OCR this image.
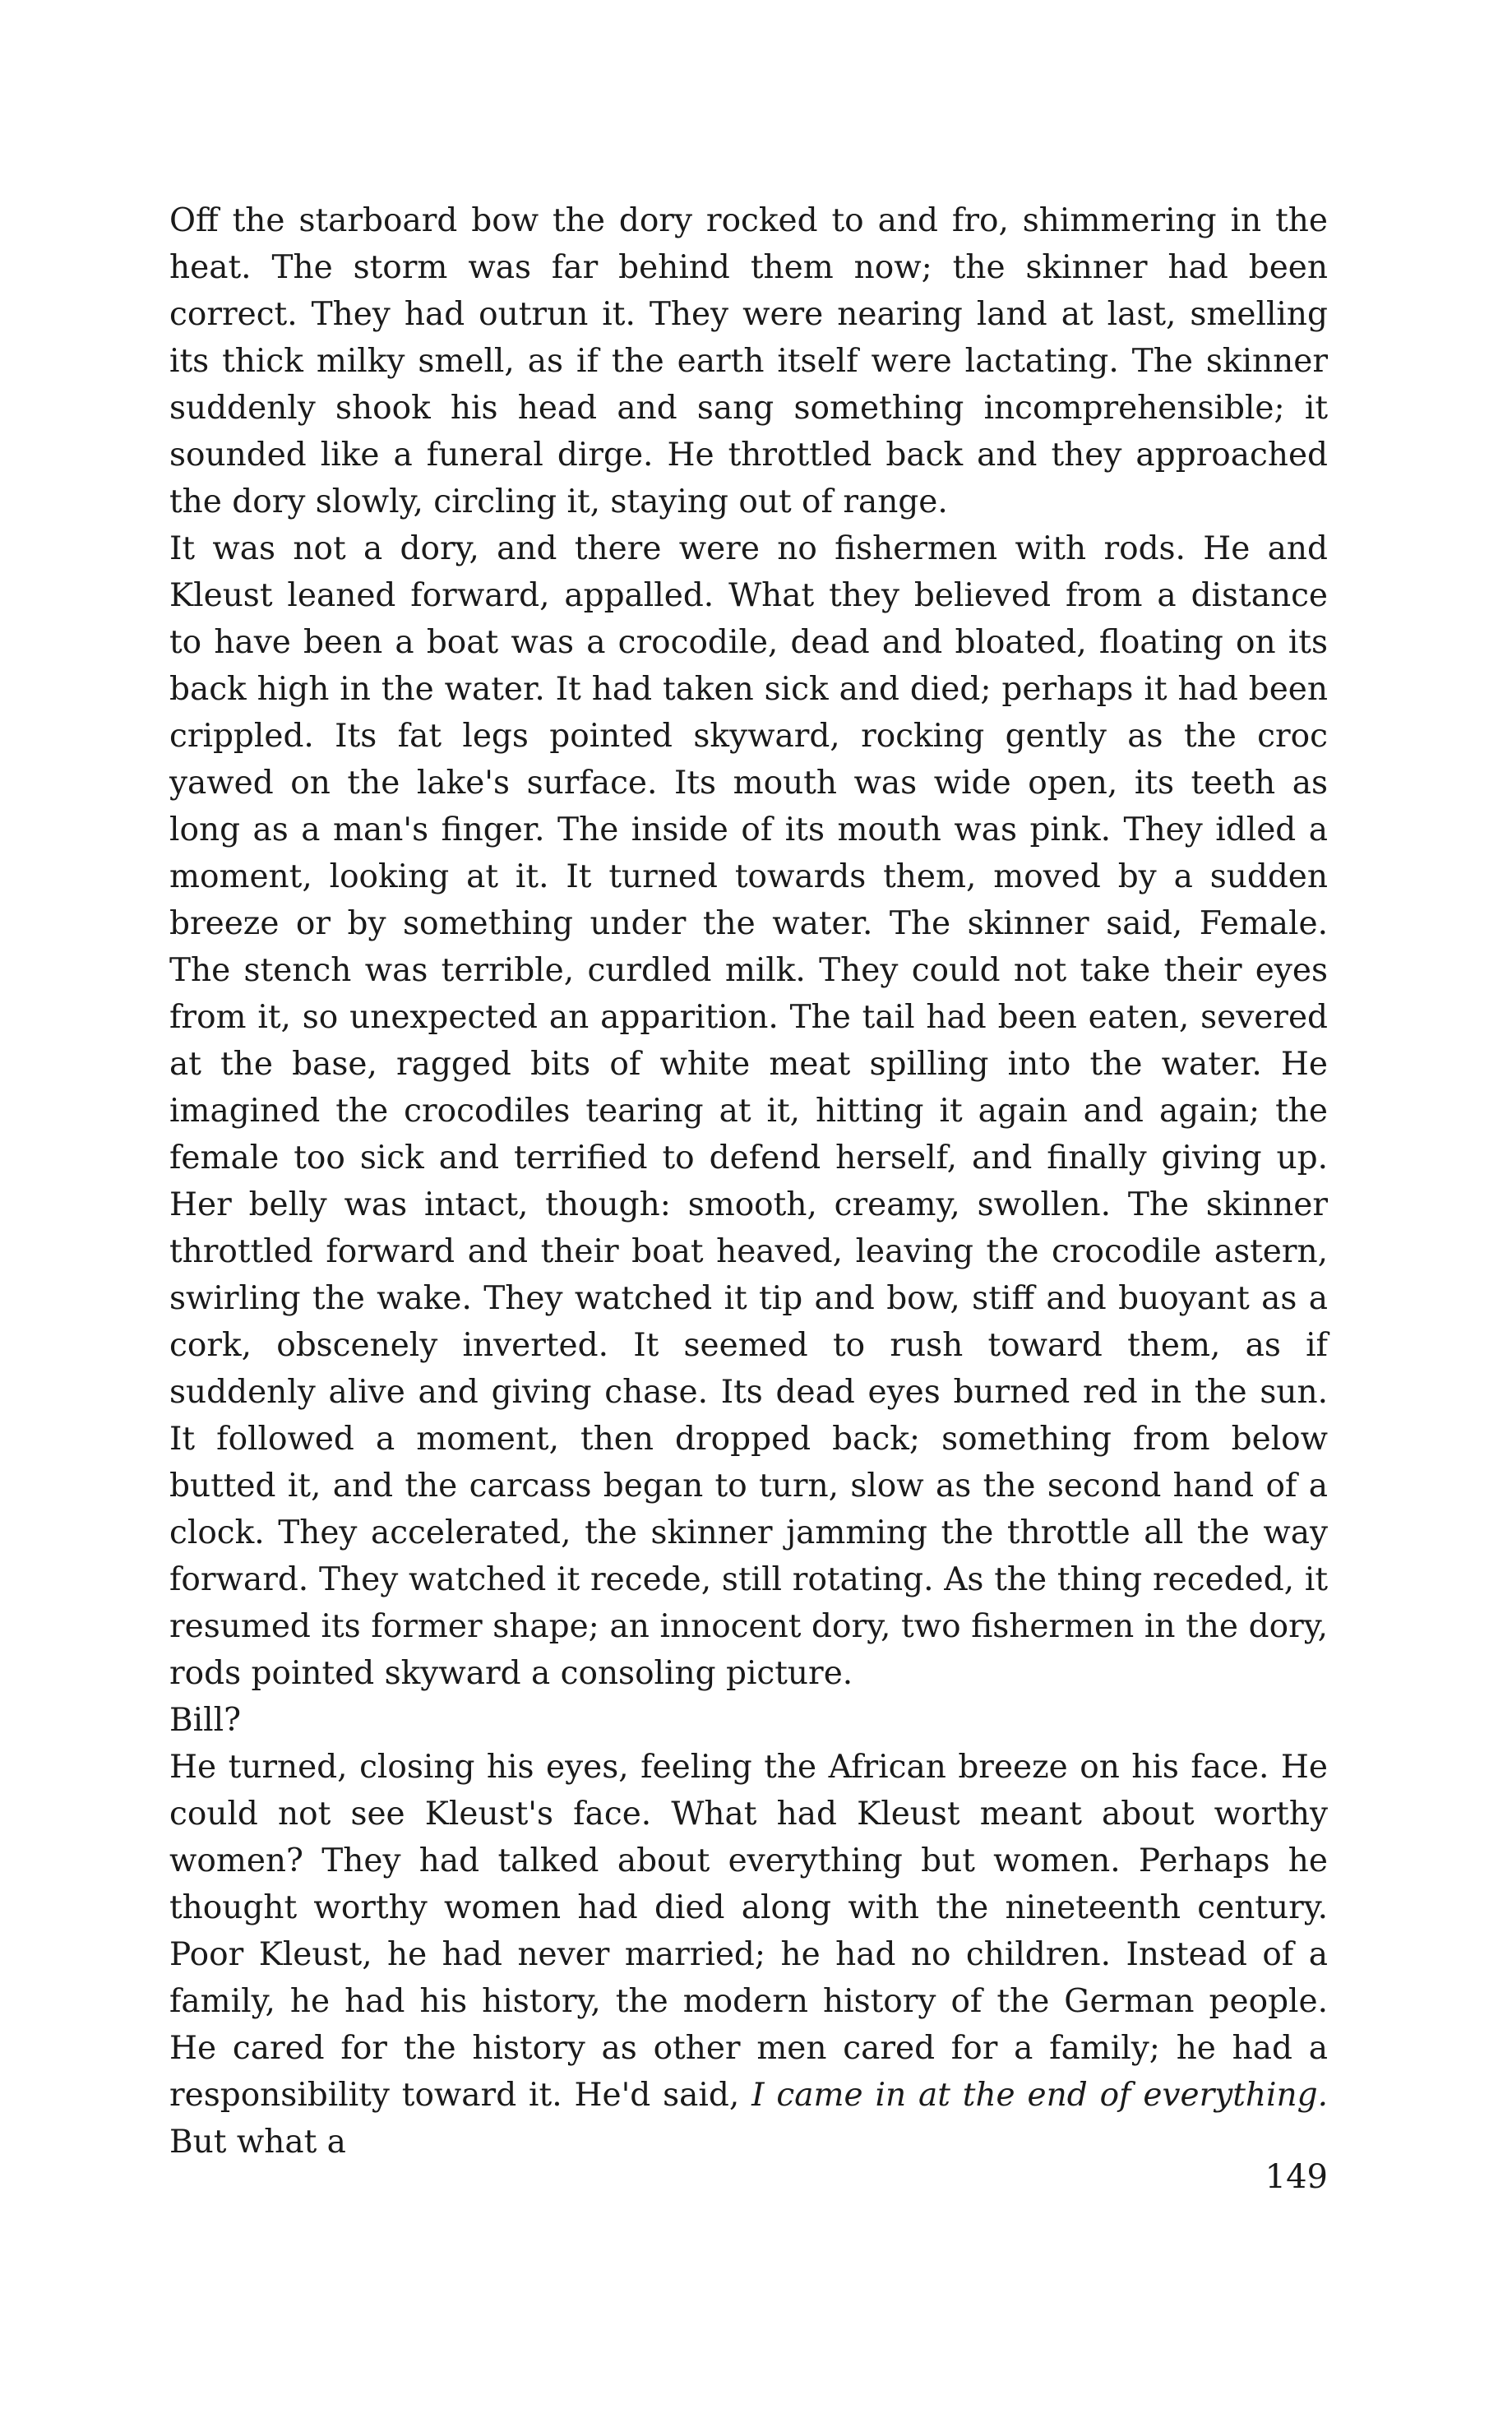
Off the starboard bow the dory rocked to and fro, shimmering in the heat. The storm was far behind them now; the skinner had been correct. They had outrun it. They were nearing land at last, smelling its thick milky smell, as if the earth itself were lactating. The skinner suddenly shook his head and sang something incomprehensible; it sounded like a funeral dirge. He throttled back and they approached the dory slowly, circling it, staying out of range.

It was not a dory, and there were no fishermen with rods. He and Kleust leaned forward, appalled. What they believed from a distance to have been a boat was a crocodile, dead and bloated, floating on its back high in the water. It had taken sick and died; perhaps it had been crippled. Its fat legs pointed skyward, rocking gently as the croc yawed on the lake's surface. Its mouth was wide open, its teeth as long as a man's finger. The inside of its mouth was pink. They idled a moment, looking at it. It turned towards them, moved by a sudden breeze or by something under the water. The skinner said, Female. The stench was terrible, curdled milk. They could not take their eyes from it, so unexpected an apparition. The tail had been eaten, severed at the base, ragged bits of white meat spilling into the water. He imagined the crocodiles tearing at it, hitting it again and again; the female too sick and terrified to defend herself, and finally giving up. Her belly was intact, though: smooth, creamy, swollen. The skinner throttled forward and their boat heaved, leaving the crocodile astern, swirling the wake. They watched it tip and bow, stiff and buoyant as a cork, obscenely inverted. It seemed to rush toward them, as if suddenly alive and giving chase. Its dead eyes burned red in the sun. It followed a moment, then dropped back; something from below butted it, and the carcass began to turn, slow as the second hand of a clock. They accelerated, the skinner jamming the throttle all the way forward. They watched it recede, still rotating. As the thing receded, it resumed its former shape; an innocent dory, two fishermen in the dory, rods pointed skyward a consoling picture.

Bill?

He turned, closing his eyes, feeling the African breeze on his face. He could not see Kleust's face. What had Kleust meant about worthy women? They had talked about everything but women. Perhaps he thought worthy women had died along with the nineteenth century. Poor Kleust, he had never married; he had no children. Instead of a family, he had his history, the modern history of the German people. He cared for the history as other men cared for a family; he had a responsibility toward it. He'd said, I came in at the end of everything. But what a

149
